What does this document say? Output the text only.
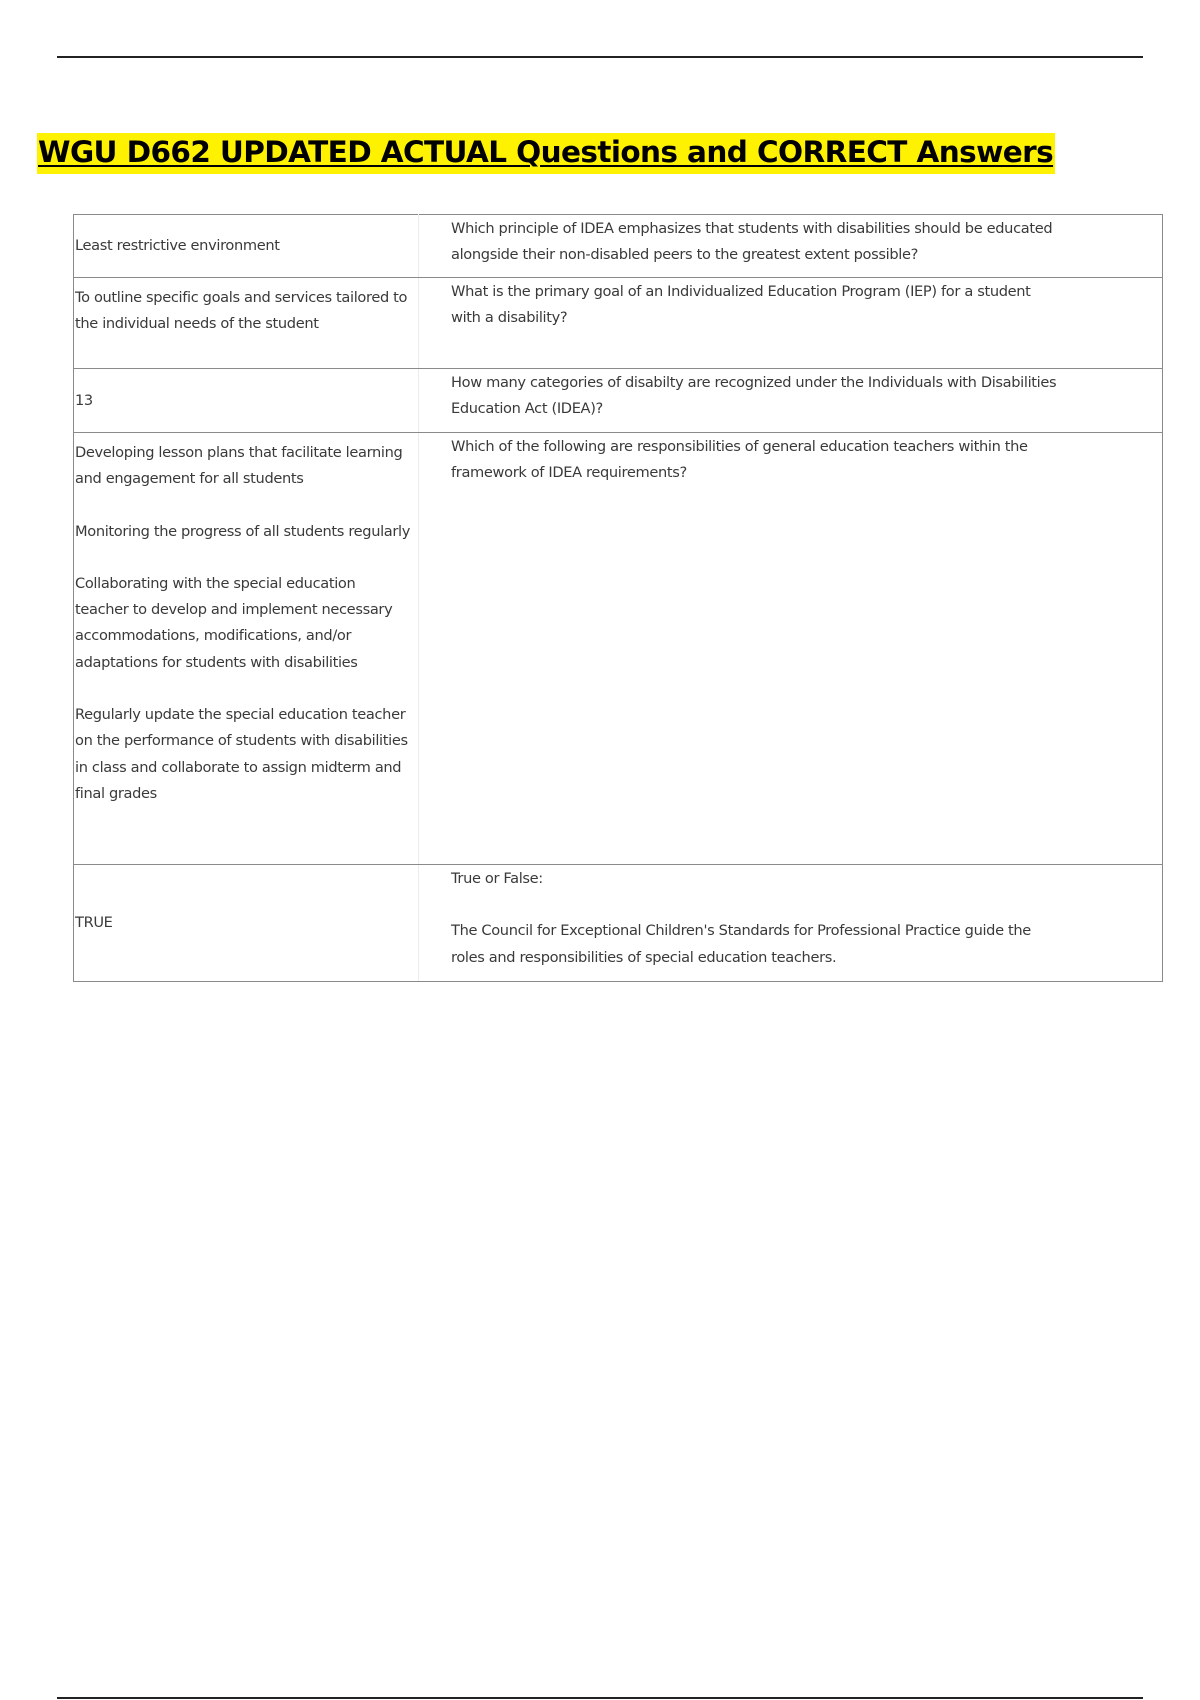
WGU D662 UPDATED ACTUAL Questions and CORRECT Answers
Least restrictive environment	Which principle of IDEA emphasizes that students with disabilities should be educated alongside their non-disabled peers to the greatest extent possible?

To outline specific goals and services tailored to the individual needs of the student	What is the primary goal of an Individualized Education Program (IEP) for a student with a disability?

13	How many categories of disabilty are recognized under the Individuals with Disabilities Education Act (IDEA)?

Developing lesson plans that facilitate learning and engagement for all students
Monitoring the progress of all students regularly
Collaborating with the special education teacher to develop and implement necessary accommodations, modifications, and/or adaptations for students with disabilities
Regularly update the special education teacher on the performance of students with disabilities in class and collaborate to assign midterm and final grades	Which of the following are responsibilities of general education teachers within the framework of IDEA requirements?

TRUE	True or False:
The Council for Exceptional Children's Standards for Professional Practice guide the roles and responsibilities of special education teachers.
